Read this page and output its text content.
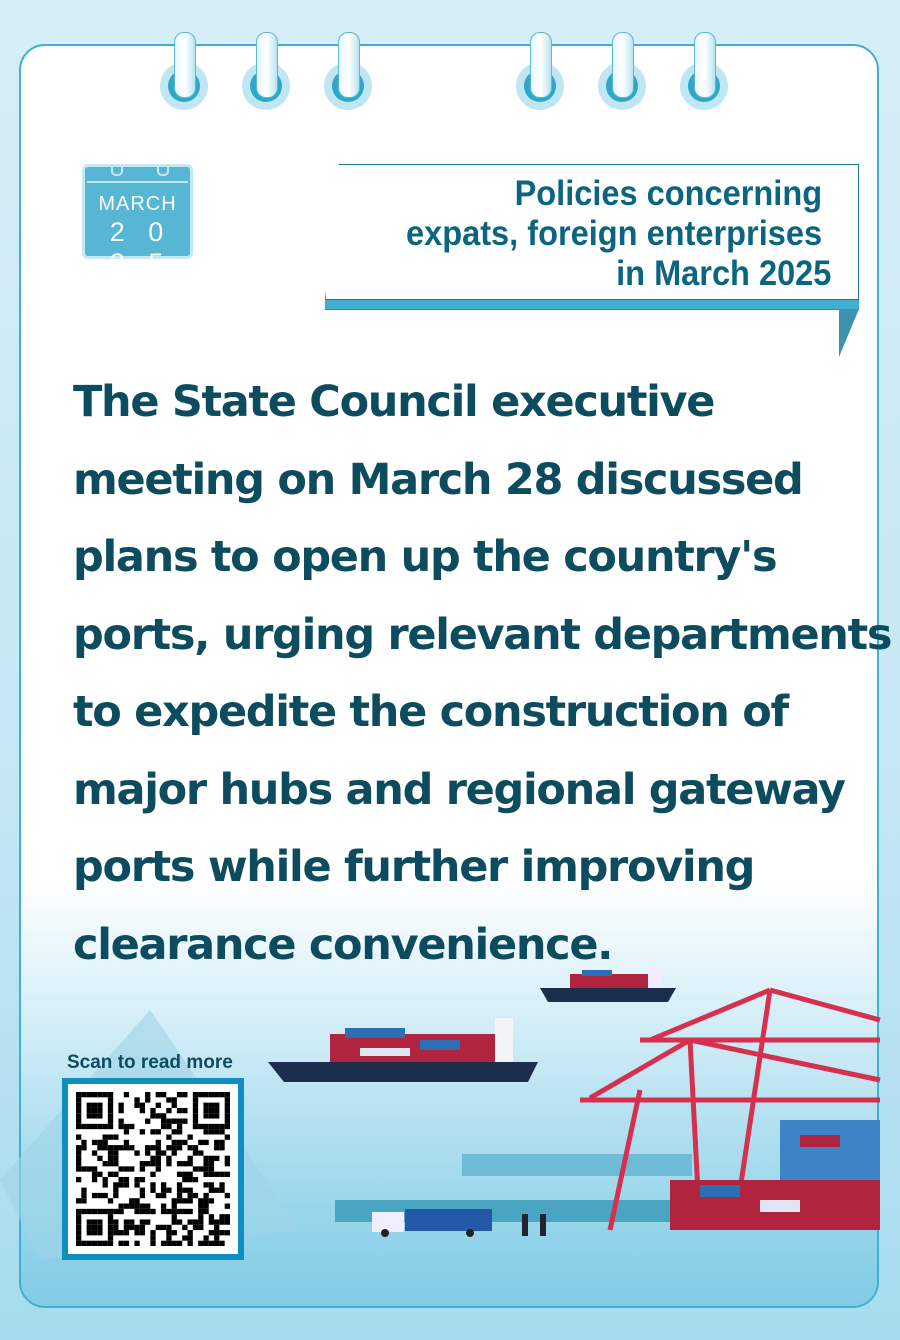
MARCH
2 0 2 5
Policies concerning
expats, foreign enterprises
in March 2025
The State Council executive
meeting on March 28 discussed
plans to open up the country's
ports, urging relevant departments
to expedite the construction of
major hubs and regional gateway
ports while further improving
clearance convenience.
Scan to read more
